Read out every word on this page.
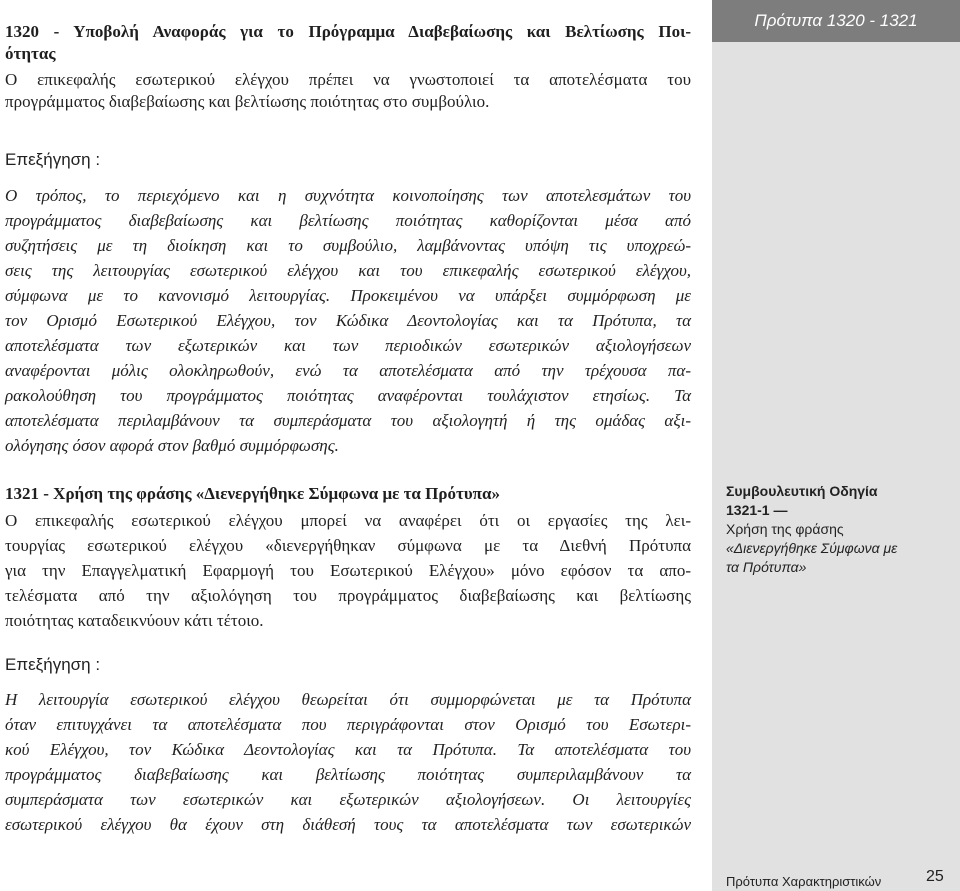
Πρότυπα 1320 - 1321
1320 - Υποβολή Αναφοράς για το Πρόγραμμα Διαβεβαίωσης και Βελτίωσης Ποι-
ότητας
Ο επικεφαλής εσωτερικού ελέγχου πρέπει να γνωστοποιεί τα αποτελέσματα του
προγράμματος διαβεβαίωσης και βελτίωσης ποιότητας στο συμβούλιο.
Επεξήγηση :
Ο τρόπος, το περιεχόμενο και η συχνότητα κοινοποίησης των αποτελεσμάτων του
προγράμματος διαβεβαίωσης και βελτίωσης ποιότητας καθορίζονται μέσα από
συζητήσεις με τη διοίκηση και το συμβούλιο, λαμβάνοντας υπόψη τις υποχρεώ-
σεις της λειτουργίας εσωτερικού ελέγχου και του επικεφαλής εσωτερικού ελέγχου,
σύμφωνα με το κανονισμό λειτουργίας. Προκειμένου να υπάρξει συμμόρφωση με
τον Ορισμό Εσωτερικού Ελέγχου, τον Κώδικα Δεοντολογίας και τα Πρότυπα, τα
αποτελέσματα των εξωτερικών και των περιοδικών εσωτερικών αξιολογήσεων
αναφέρονται μόλις ολοκληρωθούν, ενώ τα αποτελέσματα από την τρέχουσα πα-
ρακολούθηση του προγράμματος ποιότητας αναφέρονται τουλάχιστον ετησίως. Τα
αποτελέσματα περιλαμβάνουν τα συμπεράσματα του αξιολογητή ή της ομάδας αξι-
ολόγησης όσον αφορά στον βαθμό συμμόρφωσης.
1321 - Χρήση της φράσης «Διενεργήθηκε Σύμφωνα με τα Πρότυπα»
Ο επικεφαλής εσωτερικού ελέγχου μπορεί να αναφέρει ότι οι εργασίες της λει-
τουργίας εσωτερικού ελέγχου «διενεργήθηκαν σύμφωνα με τα Διεθνή Πρότυπα
για την Επαγγελματική Εφαρμογή του Εσωτερικού Ελέγχου» μόνο εφόσον τα απο-
τελέσματα από την αξιολόγηση του προγράμματος διαβεβαίωσης και βελτίωσης
ποιότητας καταδεικνύουν κάτι τέτοιο.
Επεξήγηση :
Η λειτουργία εσωτερικού ελέγχου θεωρείται ότι συμμορφώνεται με τα Πρότυπα
όταν επιτυγχάνει τα αποτελέσματα που περιγράφονται στον Ορισμό του Εσωτερι-
κού Ελέγχου, τον Κώδικα Δεοντολογίας και τα Πρότυπα. Τα αποτελέσματα του
προγράμματος διαβεβαίωσης και βελτίωσης ποιότητας συμπεριλαμβάνουν τα
συμπεράσματα των εσωτερικών και εξωτερικών αξιολογήσεων. Οι λειτουργίες
εσωτερικού ελέγχου θα έχουν στη διάθεσή τους τα αποτελέσματα των εσωτερικών
Συμβουλευτική Οδηγία
1321-1 —
Χρήση της φράσης
«Διενεργήθηκε Σύμφωνα με
τα Πρότυπα»
Πρότυπα Χαρακτηριστικών	25
